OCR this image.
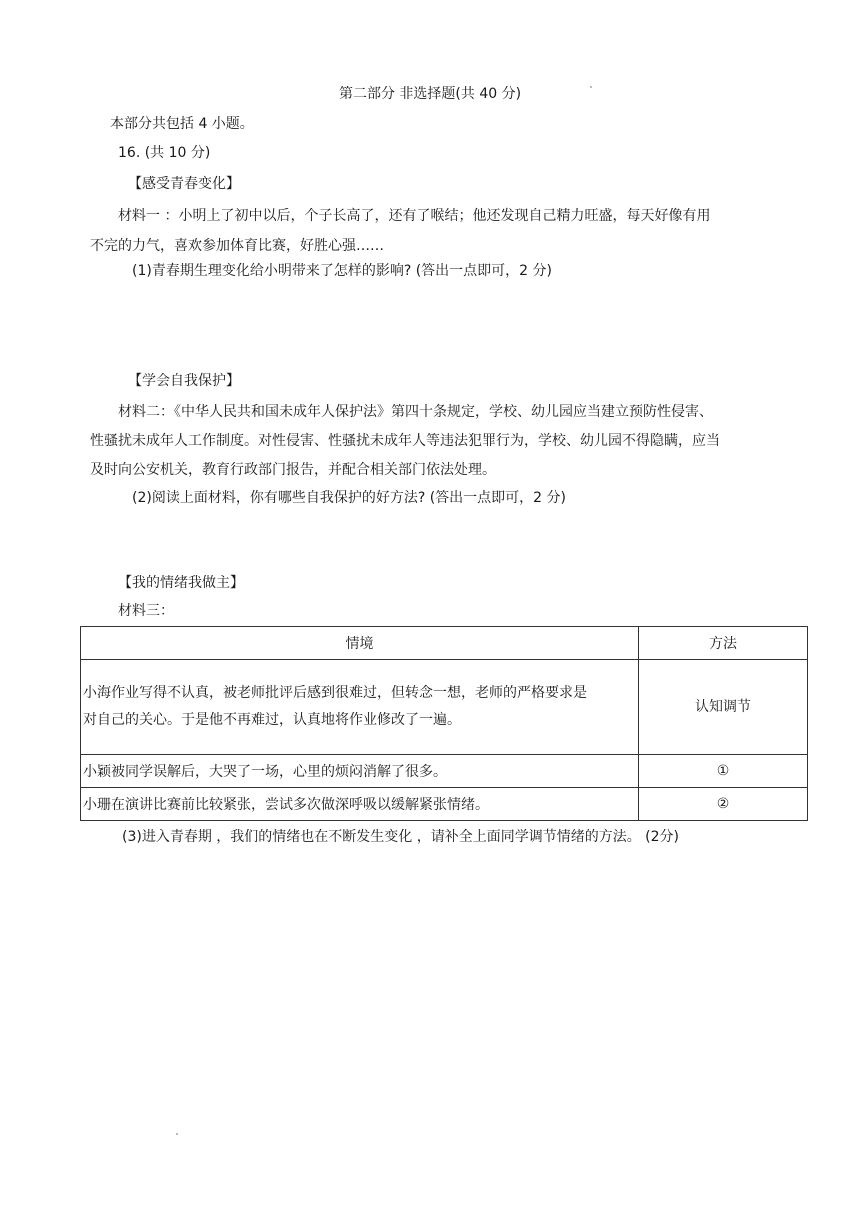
第二部分 非选择题(共 40 分)
本部分共包括 4 小题。
16. (共 10 分)
【感受青春变化】
材料一 ：小明上了初中以后，个子长高了，还有了喉结；他还发现自己精力旺盛，每天好像有用
不完的力气，喜欢参加体育比赛，好胜心强……
(1)青春期生理变化给小明带来了怎样的影响? (答出一点即可，2 分)
【学会自我保护】
材料二：《中华人民共和国未成年人保护法》第四十条规定，学校、幼儿园应当建立预防性侵害、
性骚扰未成年人工作制度。对性侵害、性骚扰未成年人等违法犯罪行为，学校、幼儿园不得隐瞒，应当
及时向公安机关，教育行政部门报告，并配合相关部门依法处理。
(2)阅读上面材料，你有哪些自我保护的好方法? (答出一点即可，2 分)
【我的情绪我做主】
材料三：
情境	方法

小海作业写得不认真，被老师批评后感到很难过，但转念一想，老师的严格要求是
对自己的关心。于是他不再难过，认真地将作业修改了一遍。	认知调节
小颖被同学误解后，大哭了一场，心里的烦闷消解了很多。	①
小珊在演讲比赛前比较紧张，尝试多次做深呼吸以缓解紧张情绪。	②
(3)进入青春期 ，我们的情绪也在不断发生变化 ，请补全上面同学调节情绪的方法。 (2分)
